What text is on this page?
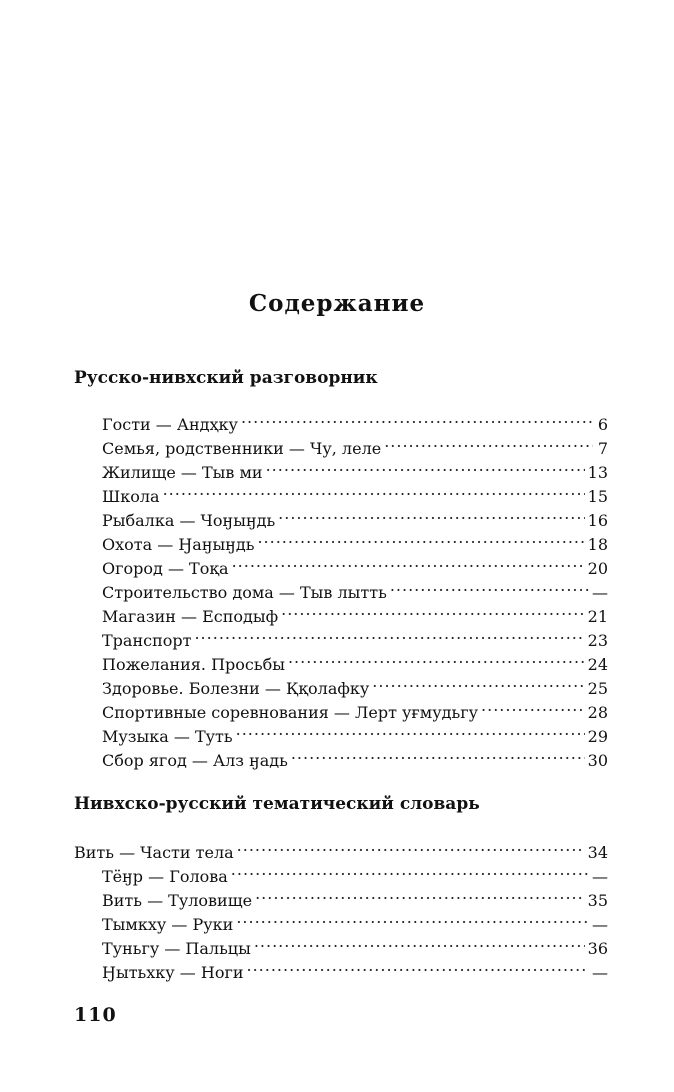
Содержание
Русско-нивхский разговорник
Гости — Андҳку .....	6
Семья, родственники — Чу, леле .....	7
Жилище — Тыв ми .....	13
Школа .....	15
Рыбалка — Чоӈыӈдь .....	16
Охота — Ӈаӈыӈдь .....	18
Огород — Тоқа .....	20
Строительство дома — Тыв лытть .....	—
Магазин — Есподыф .....	21
Транспорт .....	23
Пожелания. Просьбы .....	24
Здоровье. Болезни — Ққолафку .....	25
Спортивные соревнования — Лерт уғмудьгу .....	28
Музыка — Туть .....	29
Сбор ягод — Алз ӈадь .....	30
Нивхско-русский тематический словарь
Вить — Части тела .....	34
Тёӈр — Голова .....	—
Вить — Туловище .....	35
Тымкху — Руки .....	—
Туньгу — Пальцы .....	36
Ӈытьхку — Ноги .....	—
110
